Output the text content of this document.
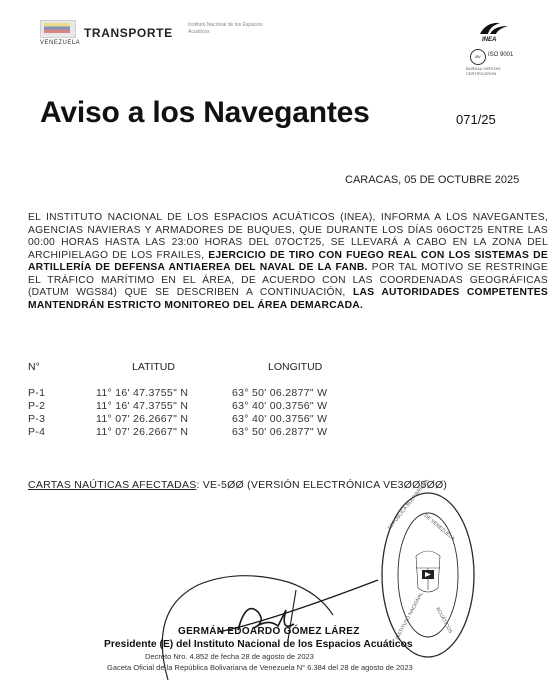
VENEZUELA
TRANSPORTE
Instituto Nacional de los Espacios Acuáticos
INEA
BV	ISO 9001
BUREAU VERITAS CERTIFICATION
Aviso a los Navegantes	071/25
CARACAS, 05 DE OCTUBRE 2025
EL INSTITUTO NACIONAL DE LOS ESPACIOS ACUÁTICOS (INEA), INFORMA A LOS NAVEGANTES, AGENCIAS NAVIERAS Y ARMADORES DE BUQUES, QUE DURANTE LOS DÍAS 06OCT25 ENTRE LAS 00:00 HORAS HASTA LAS 23:00 HORAS DEL 07OCT25, SE LLEVARÁ A CABO EN LA ZONA DEL ARCHIPIELAGO DE LOS FRAILES, EJERCICIO DE TIRO CON FUEGO REAL CON LOS SISTEMAS DE ARTILLERÍA DE DEFENSA ANTIAEREA DEL NAVAL DE LA FANB. POR TAL MOTIVO SE RESTRINGE EL TRÁFICO MARÍTIMO EN EL ÁREA, DE ACUERDO CON LAS COORDENADAS GEOGRÁFICAS (DATUM WGS84) QUE SE DESCRIBEN A CONTINUACIÓN, LAS AUTORIDADES COMPETENTES MANTENDRÁN ESTRICTO MONITOREO DEL ÁREA DEMARCADA.
N°	LATITUD	LONGITUD
P-1	11° 16' 47.3755" N	63° 50' 06.2877" W
P-2	11° 16' 47.3755" N	63° 40' 00.3756" W
P-3	11° 07' 26.2667" N	63° 40' 00.3756" W
P-4	11° 07' 26.2667" N	63° 50' 06.2877" W
CARTAS NAÚTICAS AFECTADAS: VE-5ØØ (VERSIÓN ELECTRÓNICA VE3ØØ5ØØ)
REPÚBLICA BOLIVARIANA
DE VENEZUELA
INSTITUTO NACIONAL ACUÁTICOS
GERMÁN EDOARDO GÓMEZ LÁREZ
Presidente (E) del Instituto Nacional de los Espacios Acuáticos
Decreto Nro. 4.852 de fecha 28 de agosto de 2023
Gaceta Oficial de la República Bolivariana de Venezuela N° 6.384 del 28 de agosto de 2023
